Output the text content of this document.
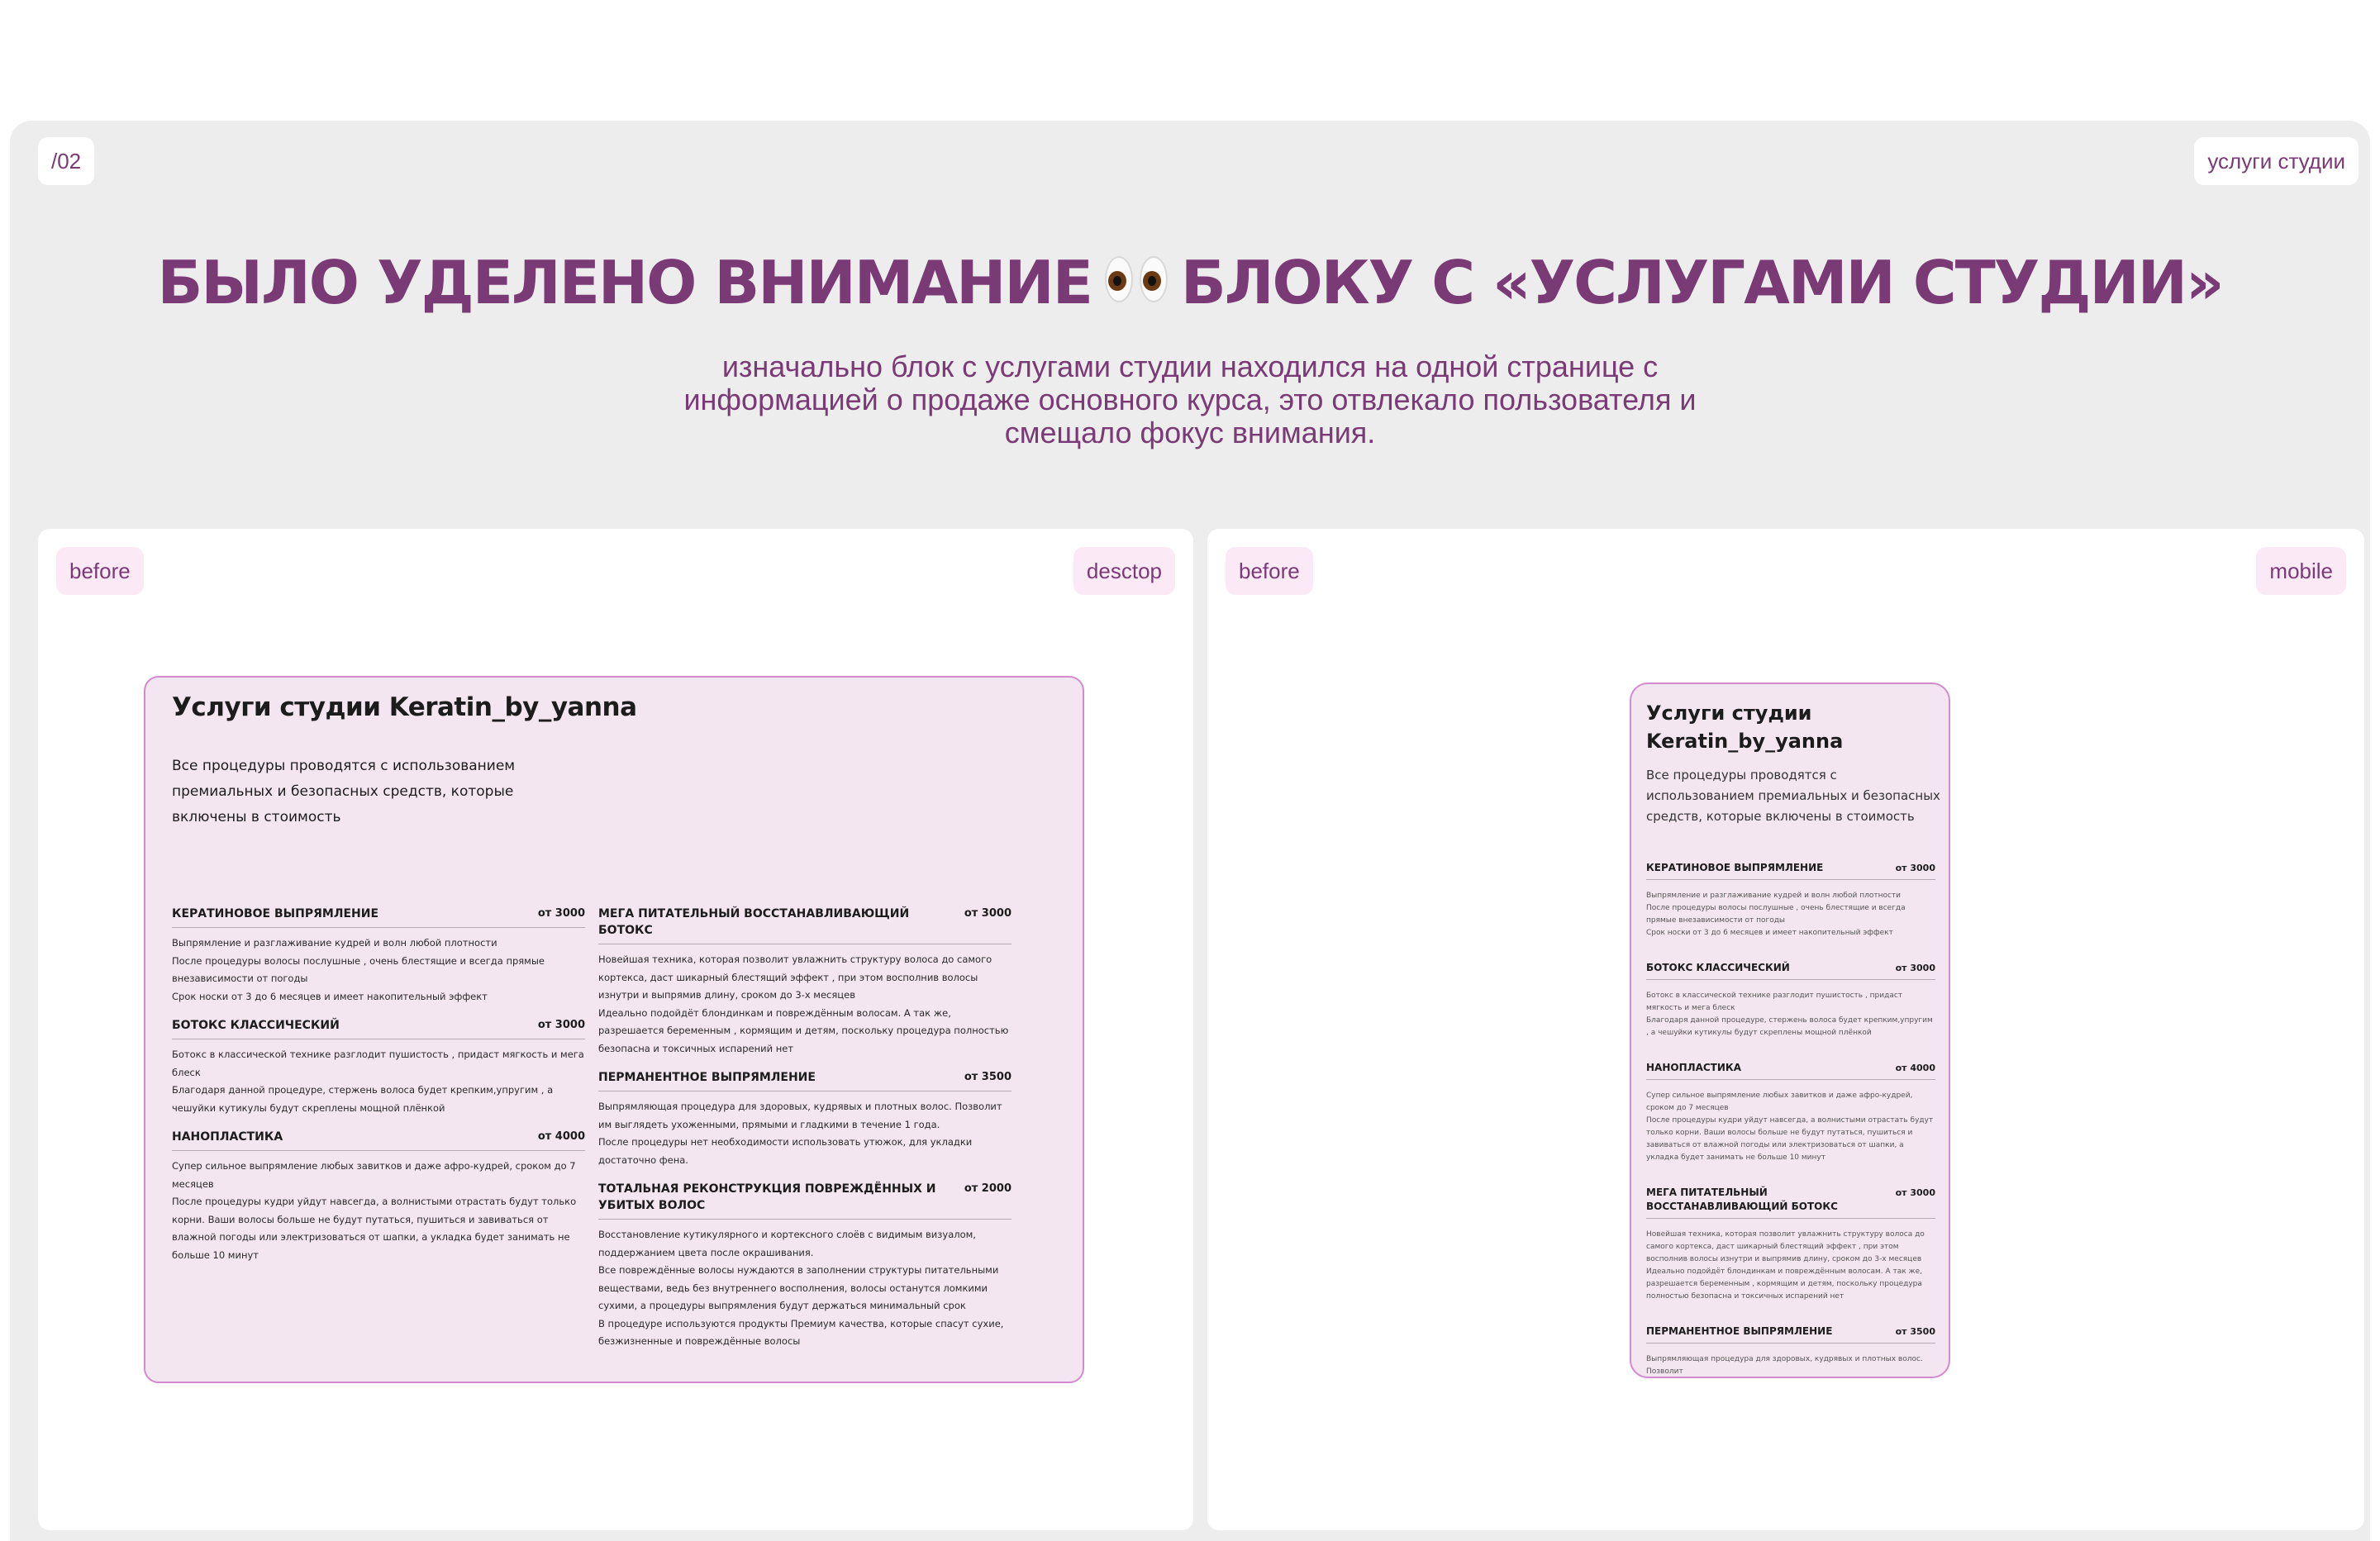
/02	услуги студии
БЫЛО УДЕЛЕНО ВНИМАНИЕ БЛОКУ С «УСЛУГАМИ СТУДИИ»
изначально блок с услугами студии находился на одной странице с информацией о продаже основного курса, это отвлекало пользователя и смещало фокус внимания.
before	desctop
Услуги студии Keratin_by_yanna
Все процедуры проводятся с использованием премиальных и безопасных средств, которые включены в стоимость
КЕРАТИНОВОЕ ВЫПРЯМЛЕНИЕ	от 3000

Выпрямление и разглаживание кудрей и волн любой плотности

После процедуры волосы послушные , очень блестящие и всегда прямые внезависимости от погоды

Срок носки от 3 до 6 месяцев и имеет накопительный эффект

БОТОКС КЛАССИЧЕСКИЙ	от 3000

Ботокс в классической технике разглодит пушистость , придаст мягкость и мега блеск

Благодаря данной процедуре, стержень волоса будет крепким,упругим , а чешуйки кутикулы будут скреплены мощной плёнкой

НАНОПЛАСТИКА	от 4000

Супер сильное выпрямление любых завитков и даже афро-кудрей, сроком до 7 месяцев

После процедуры кудри уйдут навсегда, а волнистыми отрастать будут только корни. Ваши волосы больше не будут путаться, пушиться и завиваться от влажной погоды или электризоваться от шапки, а укладка будет занимать не больше 10 минут

МЕГА ПИТАТЕЛЬНЫЙ ВОССТАНАВЛИВАЮЩИЙ БОТОКС
от 3000

Новейшая техника, которая позволит увлажнить структуру волоса до самого кортекса, даст шикарный блестящий эффект , при этом восполнив волосы изнутри и выпрямив длину, сроком до 3-х месяцев

Идеально подойдёт блондинкам и повреждённым волосам. А так же, разрешается беременным , кормящим и детям, поскольку процедура полностью безопасна и токсичных испарений нет

ПЕРМАНЕНТНОЕ ВЫПРЯМЛЕНИЕ	от 3500

Выпрямляющая процедура для здоровых, кудрявых и плотных волос. Позволит им выглядеть ухоженными, прямыми и гладкими в течение 1 года.

После процедуры нет необходимости использовать утюжок, для укладки достаточно фена.

ТОТАЛЬНАЯ РЕКОНСТРУКЦИЯ ПОВРЕЖДЁННЫХ И УБИТЫХ ВОЛОС
от 2000

Восстановление кутикулярного и кортексного слоёв с видимым визуалом, поддержанием цвета после окрашивания.

Все повреждённые волосы нуждаются в заполнении структуры питательными веществами, ведь без внутреннего восполнения, волосы останутся ломкими сухими, а процедуры выпрямления будут держаться минимальный срок

В процедуре используются продукты Премиум качества, которые спасут сухие, безжизненные и повреждённые волосы

before	mobile
Услуги студии Keratin_by_yanna
Все процедуры проводятся с использованием премиальных и безопасных средств, которые включены в стоимость
КЕРАТИНОВОЕ ВЫПРЯМЛЕНИЕ	от 3000

Выпрямление и разглаживание кудрей и волн любой плотности

После процедуры волосы послушные , очень блестящие и всегда прямые внезависимости от погоды

Срок носки от 3 до 6 месяцев и имеет накопительный эффект

БОТОКС КЛАССИЧЕСКИЙ	от 3000

Ботокс в классической технике разглодит пушистость , придаст мягкость и мега блеск

Благодаря данной процедуре, стержень волоса будет крепким,упругим , а чешуйки кутикулы будут скреплены мощной плёнкой

НАНОПЛАСТИКА	от 4000

Супер сильное выпрямление любых завитков и даже афро-кудрей, сроком до 7 месяцев

После процедуры кудри уйдут навсегда, а волнистыми отрастать будут только корни. Ваши волосы больше не будут путаться, пушиться и завиваться от влажной погоды или электризоваться от шапки, а укладка будет занимать не больше 10 минут

МЕГА ПИТАТЕЛЬНЫЙ ВОССТАНАВЛИВАЮЩИЙ БОТОКС
от 3000

Новейшая техника, которая позволит увлажнить структуру волоса до самого кортекса, даст шикарный блестящий эффект , при этом восполнив волосы изнутри и выпрямив длину, сроком до 3-х месяцев

Идеально подойдёт блондинкам и повреждённым волосам. А так же, разрешается беременным , кормящим и детям, поскольку процедура полностью безопасна и токсичных испарений нет

ПЕРМАНЕНТНОЕ ВЫПРЯМЛЕНИЕ	от 3500

Выпрямляющая процедура для здоровых, кудрявых и плотных волос. Позволит
